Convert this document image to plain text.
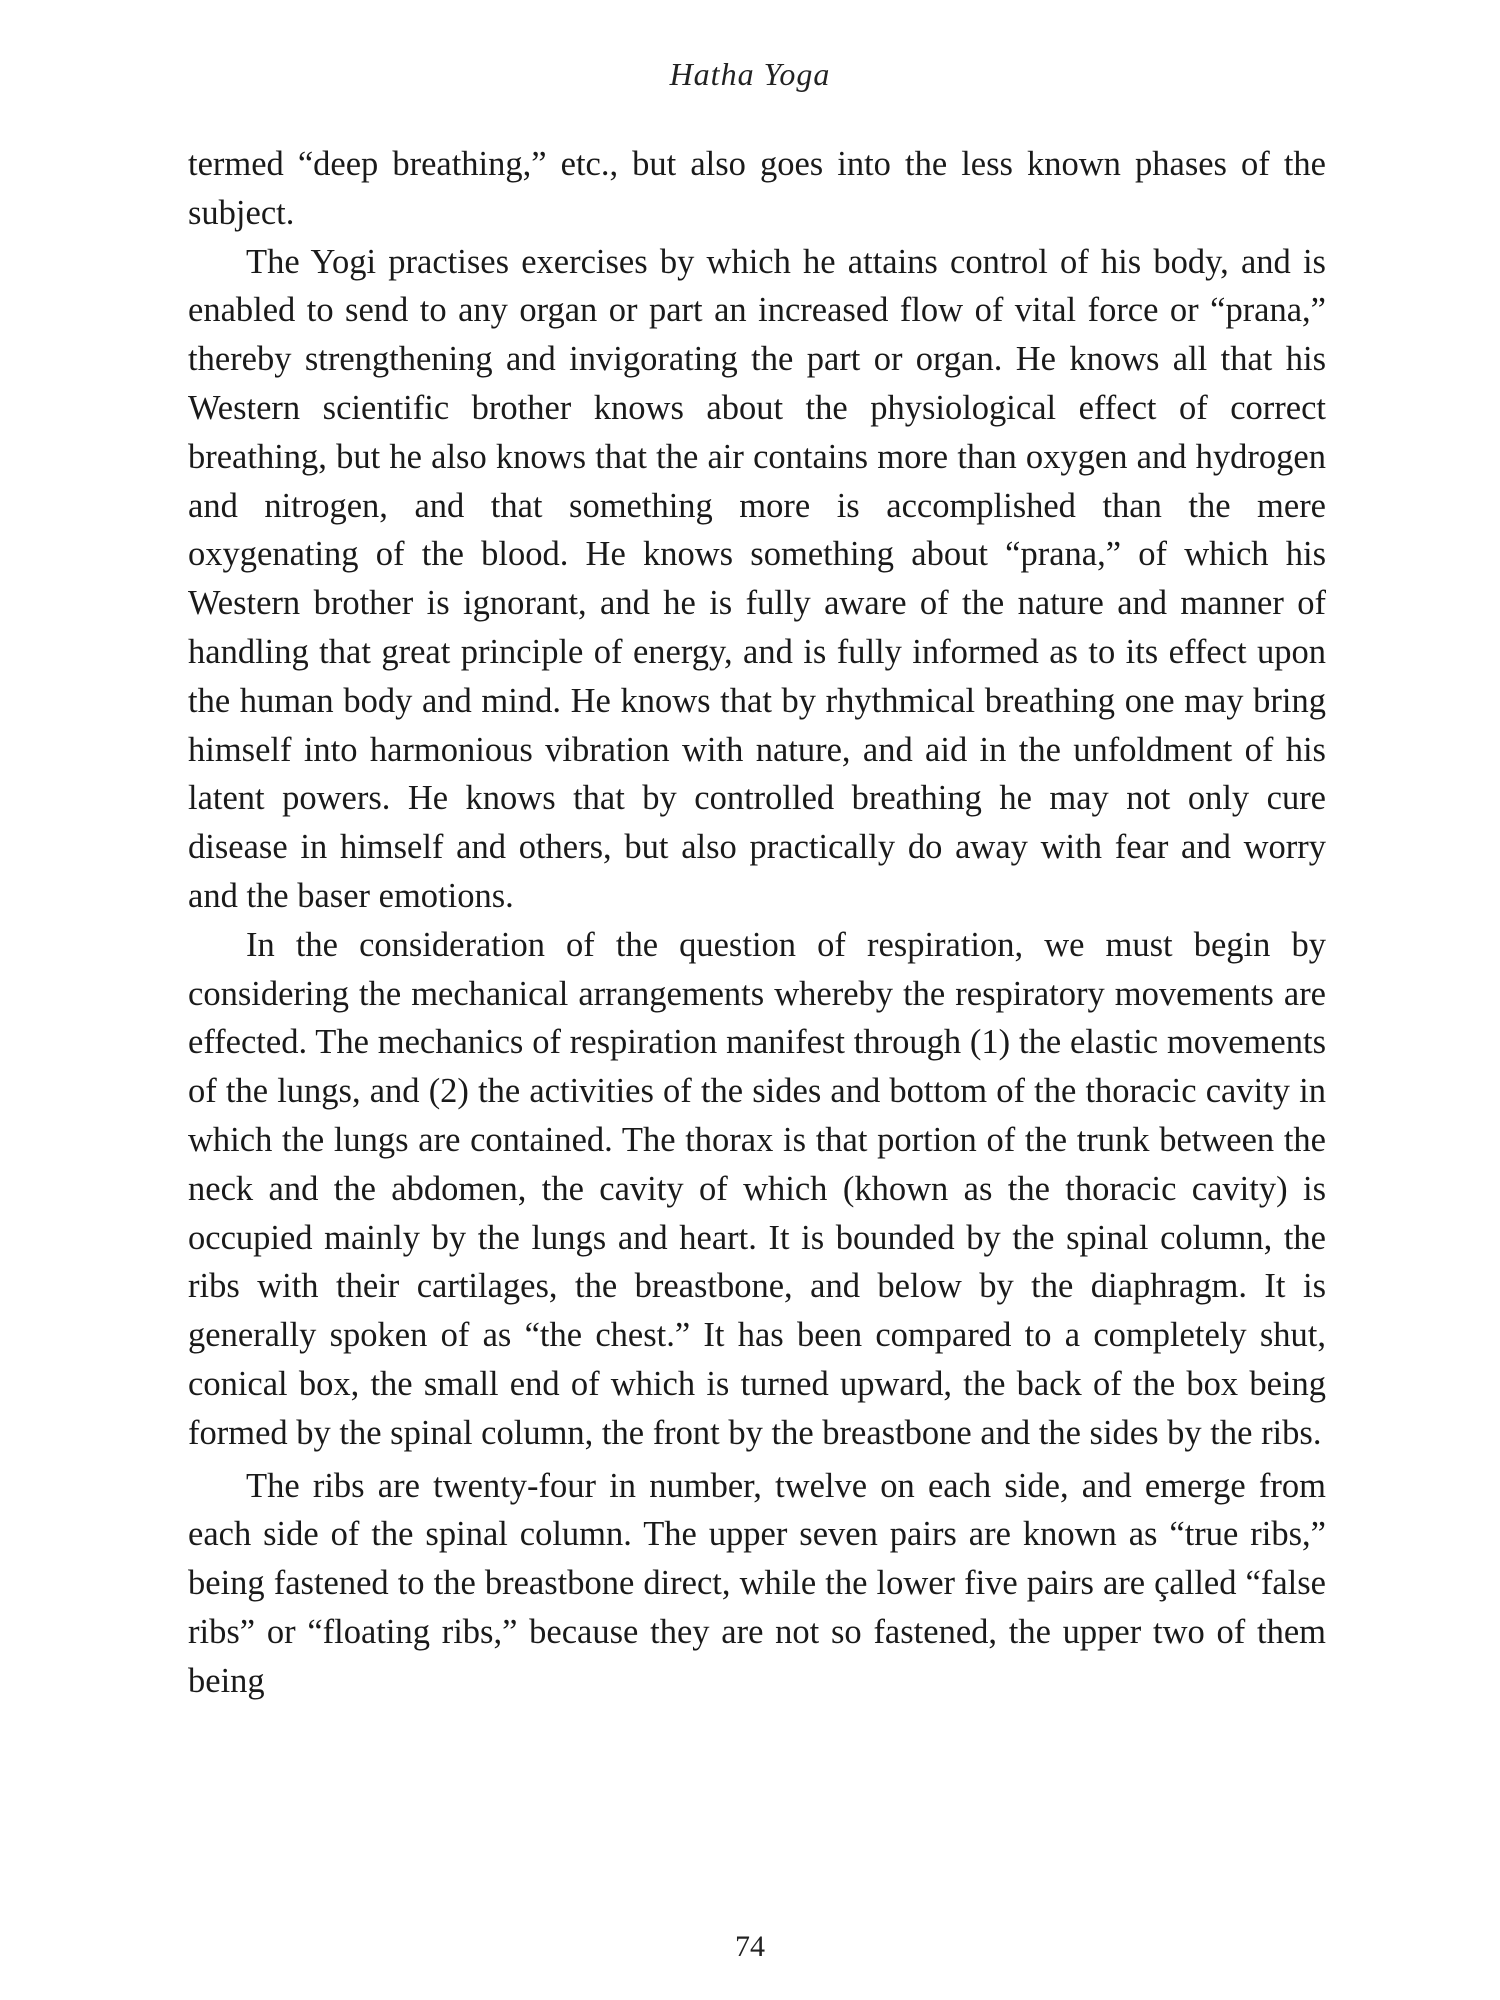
Hatha Yoga

termed “deep breathing,” etc., but also goes into the less known phases of the subject.

The Yogi practises exercises by which he attains control of his body, and is enabled to send to any organ or part an increased flow of vital force or “prana,” thereby strengthening and invigorating the part or organ. He knows all that his Western scientific brother knows about the physiological effect of correct breathing, but he also knows that the air contains more than oxygen and hydrogen and nitrogen, and that something more is accomplished than the mere oxygenating of the blood. He knows something about “prana,” of which his Western brother is ignorant, and he is fully aware of the nature and manner of handling that great principle of energy, and is fully informed as to its effect upon the human body and mind. He knows that by rhythmical breathing one may bring himself into harmonious vibration with nature, and aid in the unfoldment of his latent powers. He knows that by controlled breathing he may not only cure disease in himself and others, but also practically do away with fear and worry and the baser emotions.

In the consideration of the question of respiration, we must begin by considering the mechanical arrangements whereby the respiratory movements are effected. The mechanics of respiration manifest through (1) the elastic movements of the lungs, and (2) the activities of the sides and bottom of the thoracic cavity in which the lungs are contained. The thorax is that portion of the trunk between the neck and the abdomen, the cavity of which (khown as the thoracic cavity) is occupied mainly by the lungs and heart. It is bounded by the spinal column, the ribs with their cartilages, the breastbone, and below by the diaphragm. It is generally spoken of as “the chest.” It has been compared to a completely shut, conical box, the small end of which is turned upward, the back of the box being formed by the spinal column, the front by the breastbone and the sides by the ribs.

The ribs are twenty-four in number, twelve on each side, and emerge from each side of the spinal column. The upper seven pairs are known as “true ribs,” being fastened to the breastbone direct, while the lower five pairs are çalled “false ribs” or “floating ribs,” because they are not so fastened, the upper two of them being

74
